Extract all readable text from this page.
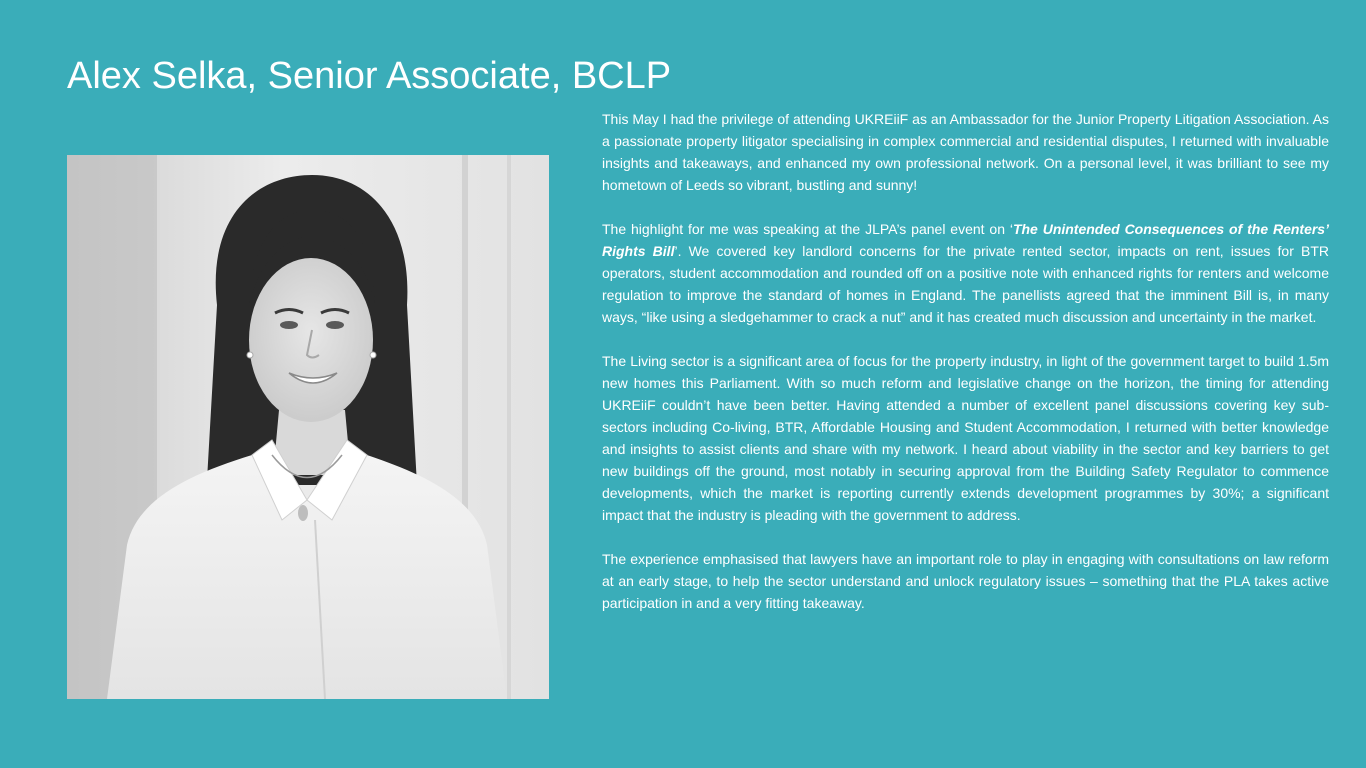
Alex Selka, Senior Associate, BCLP

This May I had the privilege of attending UKREiiF as an Ambassador for the Junior Property Litigation Association. As a passionate property litigator specialising in complex commercial and residential disputes, I returned with invaluable insights and takeaways, and enhanced my own professional network. On a personal level, it was brilliant to see my hometown of Leeds so vibrant, bustling and sunny!

The highlight for me was speaking at the JLPA’s panel event on ‘The Unintended Consequences of the Renters’ Rights Bill’. We covered key landlord concerns for the private rented sector, impacts on rent, issues for BTR operators, student accommodation and rounded off on a positive note with enhanced rights for renters and welcome regulation to improve the standard of homes in England. The panellists agreed that the imminent Bill is, in many ways, “like using a sledgehammer to crack a nut” and it has created much discussion and uncertainty in the market.

The Living sector is a significant area of focus for the property industry, in light of the government target to build 1.5m new homes this Parliament. With so much reform and legislative change on the horizon, the timing for attending UKREiiF couldn’t have been better. Having attended a number of excellent panel discussions covering key sub-sectors including Co-living, BTR, Affordable Housing and Student Accommodation, I returned with better knowledge and insights to assist clients and share with my network. I heard about viability in the sector and key barriers to get new buildings off the ground, most notably in securing approval from the Building Safety Regulator to commence developments, which the market is reporting currently extends development programmes by 30%; a significant impact that the industry is pleading with the government to address.

The experience emphasised that lawyers have an important role to play in engaging with consultations on law reform at an early stage, to help the sector understand and unlock regulatory issues – something that the PLA takes active participation in and a very fitting takeaway.
